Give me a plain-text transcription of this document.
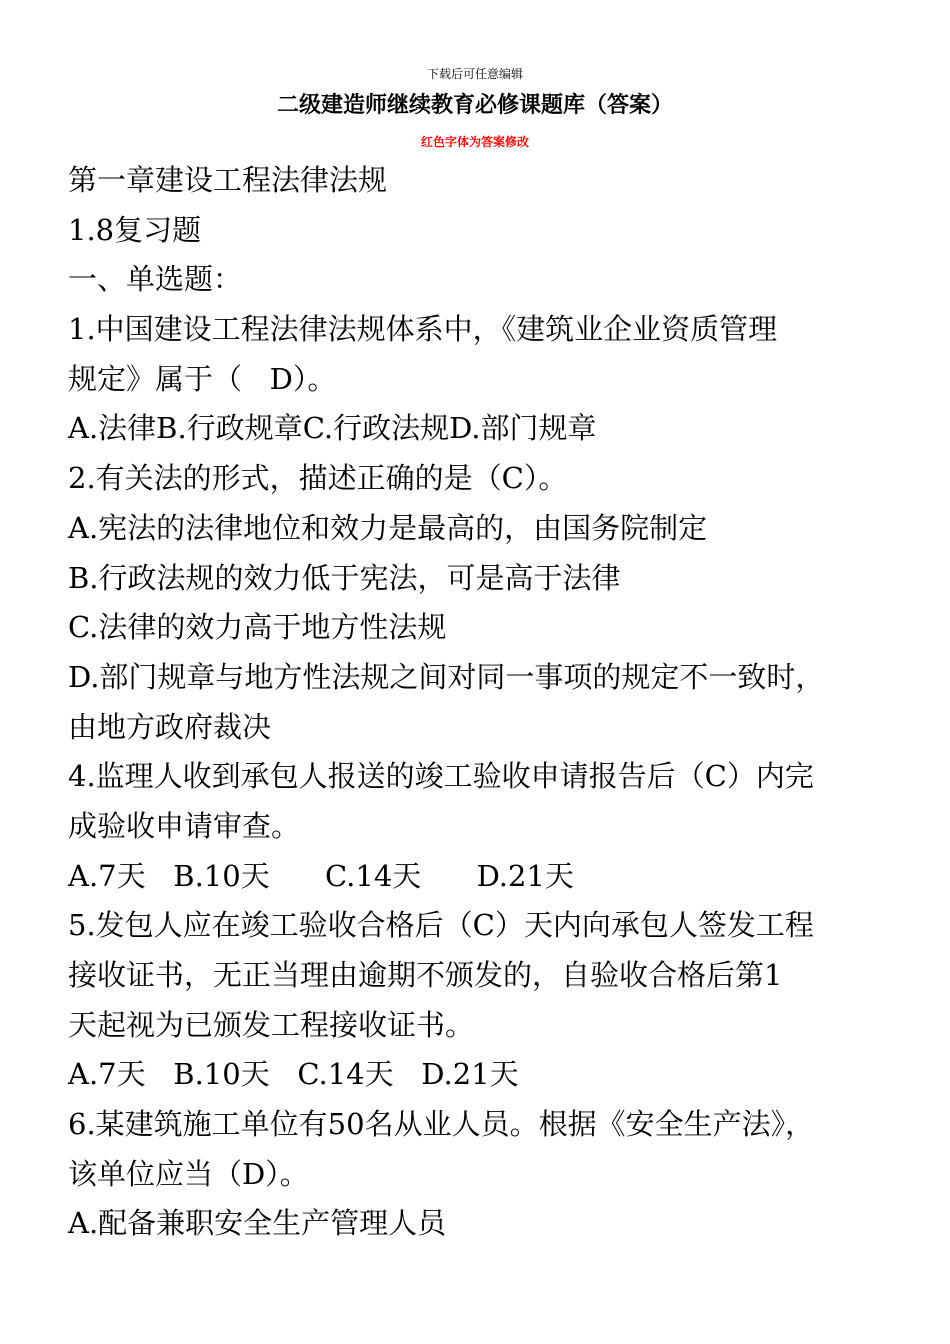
下载后可任意编辑
二级建造师继续教育必修课题库（答案）
红色字体为答案修改
第一章建设工程法律法规
1.8复习题
一、单选题：
1.中国建设工程法律法规体系中，《建筑业企业资质管理
规定》属于（   D）。
A.法律B.行政规章C.行政法规D.部门规章
2.有关法的形式，描述正确的是（C）。
A.宪法的法律地位和效力是最高的，由国务院制定
B.行政法规的效力低于宪法，可是高于法律
C.法律的效力高于地方性法规
D.部门规章与地方性法规之间对同一事项的规定不一致时，
由地方政府裁决
4.监理人收到承包人报送的竣工验收申请报告后（C）内完
成验收申请审查。
A.7天   B.10天      C.14天      D.21天
5.发包人应在竣工验收合格后（C）天内向承包人签发工程
接收证书，无正当理由逾期不颁发的，自验收合格后第1
天起视为已颁发工程接收证书。
A.7天   B.10天   C.14天   D.21天
6.某建筑施工单位有50名从业人员。根据《安全生产法》，
该单位应当（D）。
A.配备兼职安全生产管理人员
